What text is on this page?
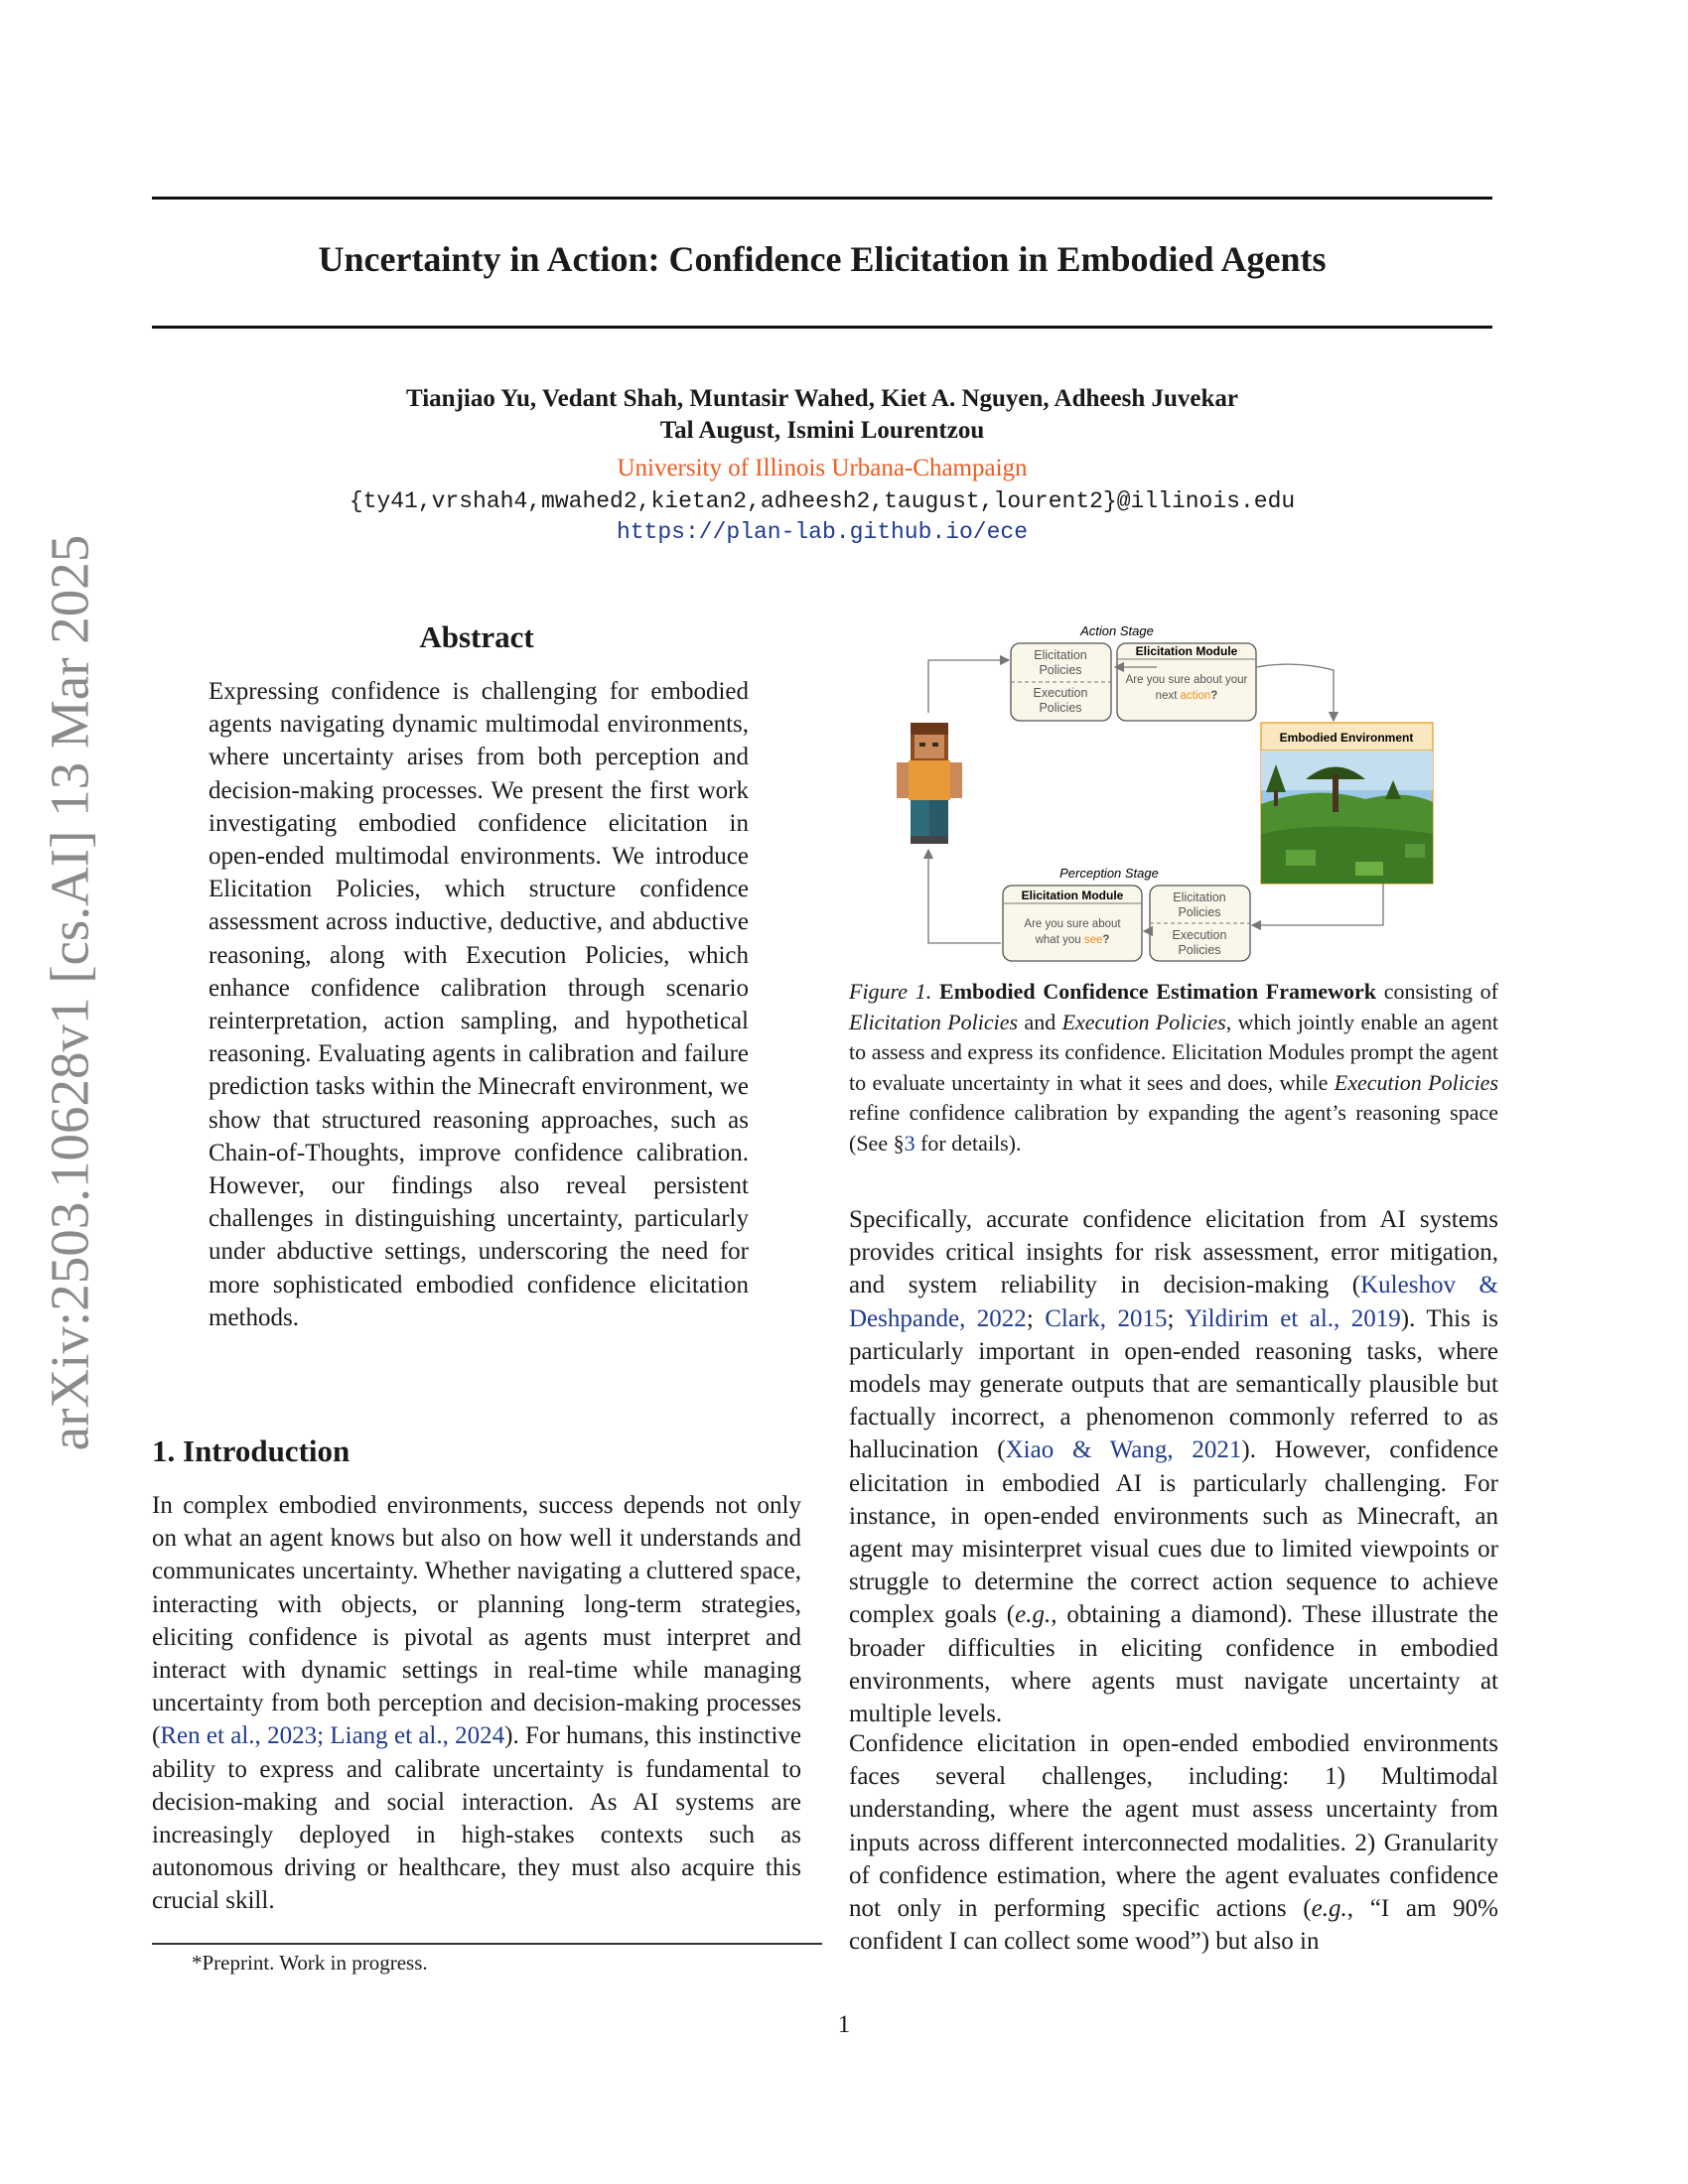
arXiv:2503.10628v1 [cs.AI] 13 Mar 2025
Uncertainty in Action: Confidence Elicitation in Embodied Agents
Tianjiao Yu, Vedant Shah, Muntasir Wahed, Kiet A. Nguyen, Adheesh Juvekar
Tal August, Ismini Lourentzou
University of Illinois Urbana-Champaign
{ty41,vrshah4,mwahed2,kietan2,adheesh2,taugust,lourent2}@illinois.edu
https://plan-lab.github.io/ece
Abstract
Expressing confidence is challenging for embodied agents navigating dynamic multimodal environments, where uncertainty arises from both perception and decision-making processes. We present the first work investigating embodied confidence elicitation in open-ended multimodal environments. We introduce Elicitation Policies, which structure confidence assessment across inductive, deductive, and abductive reasoning, along with Execution Policies, which enhance confidence calibration through scenario reinterpretation, action sampling, and hypothetical reasoning. Evaluating agents in calibration and failure prediction tasks within the Minecraft environment, we show that structured reasoning approaches, such as Chain-of-Thoughts, improve confidence calibration. However, our findings also reveal persistent challenges in distinguishing uncertainty, particularly under abductive settings, underscoring the need for more sophisticated embodied confidence elicitation methods.
1. Introduction
In complex embodied environments, success depends not only on what an agent knows but also on how well it understands and communicates uncertainty. Whether navigating a cluttered space, interacting with objects, or planning long-term strategies, eliciting confidence is pivotal as agents must interpret and interact with dynamic settings in real-time while managing uncertainty from both perception and decision-making processes (Ren et al., 2023; Liang et al., 2024). For humans, this instinctive ability to express and calibrate uncertainty is fundamental to decision-making and social interaction. As AI systems are increasingly deployed in high-stakes contexts such as autonomous driving or healthcare, they must also acquire this crucial skill.
Action Stage
Perception Stage
Elicitation
Policies
Execution
Policies
Elicitation Module
Are you sure about your
next action?
Elicitation Module
Are you sure about
what you see?
Elicitation
Policies
Execution
Policies
Embodied Environment
Figure 1. Embodied Confidence Estimation Framework consisting of Elicitation Policies and Execution Policies, which jointly enable an agent to assess and express its confidence. Elicitation Modules prompt the agent to evaluate uncertainty in what it sees and does, while Execution Policies refine confidence calibration by expanding the agent’s reasoning space (See §3 for details).
Specifically, accurate confidence elicitation from AI systems provides critical insights for risk assessment, error mitigation, and system reliability in decision-making (Kuleshov & Deshpande, 2022; Clark, 2015; Yildirim et al., 2019). This is particularly important in open-ended reasoning tasks, where models may generate outputs that are semantically plausible but factually incorrect, a phenomenon commonly referred to as hallucination (Xiao & Wang, 2021). However, confidence elicitation in embodied AI is particularly challenging. For instance, in open-ended environments such as Minecraft, an agent may misinterpret visual cues due to limited viewpoints or struggle to determine the correct action sequence to achieve complex goals (e.g., obtaining a diamond). These illustrate the broader difficulties in eliciting confidence in embodied environments, where agents must navigate uncertainty at multiple levels.
Confidence elicitation in open-ended embodied environments faces several challenges, including: 1) Multimodal understanding, where the agent must assess uncertainty from inputs across different interconnected modalities. 2) Granularity of confidence estimation, where the agent evaluates confidence not only in performing specific actions (e.g., “I am 90% confident I can collect some wood”) but also in
*Preprint. Work in progress.
1
